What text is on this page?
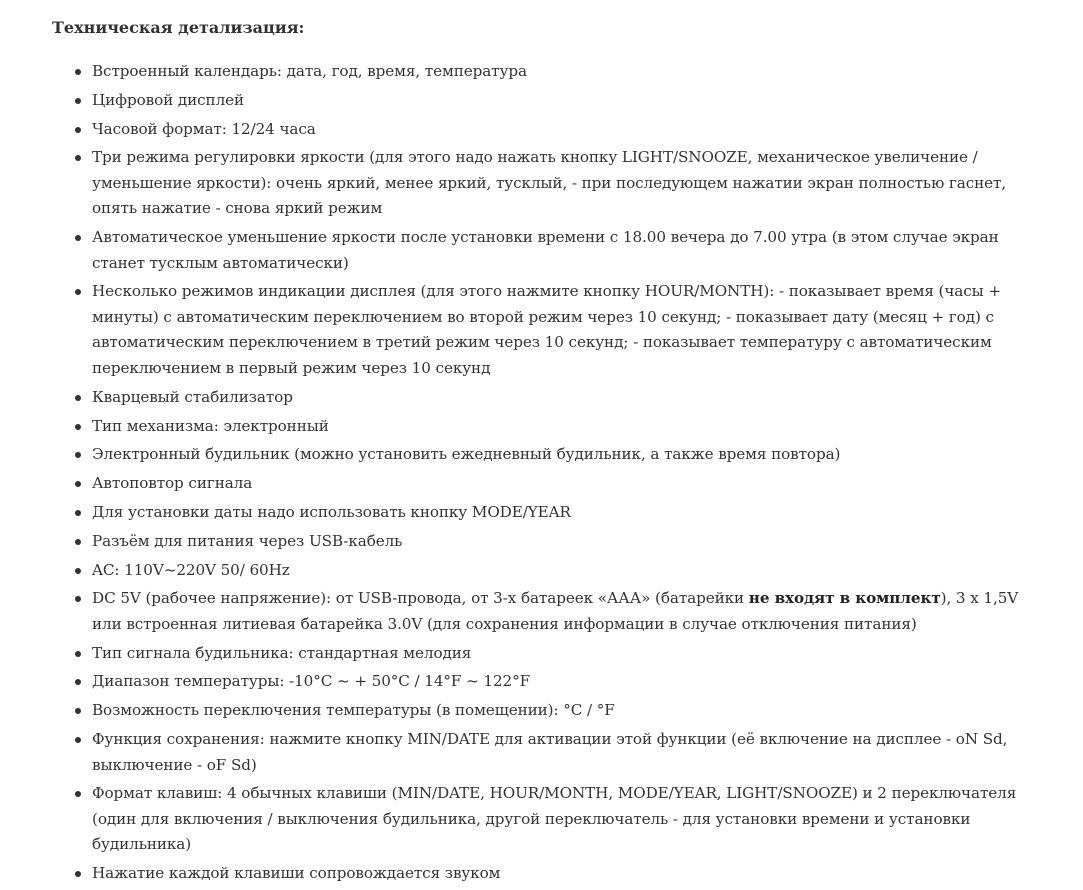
Техническая детализация:
Встроенный календарь: дата, год, время, температура
Цифровой дисплей
Часовой формат: 12/24 часа
Три режима регулировки яркости (для этого надо нажать кнопку LIGHT/SNOOZE, механическое увеличение / уменьшение яркости): очень яркий, менее яркий, тусклый, - при последующем нажатии экран полностью гаснет, опять нажатие - снова яркий режим
Автоматическое уменьшение яркости после установки времени с 18.00 вечера до 7.00 утра (в этом случае экран станет тусклым автоматически)
Несколько режимов индикации дисплея (для этого нажмите кнопку HOUR/MONTH): - показывает время (часы + минуты) с автоматическим переключением во второй режим через 10 секунд; - показывает дату (месяц + год) с автоматическим переключением в третий режим через 10 секунд; - показывает температуру с автоматическим переключением в первый режим через 10 секунд
Кварцевый стабилизатор
Тип механизма: электронный
Электронный будильник (можно установить ежедневный будильник, а также время повтора)
Автоповтор сигнала
Для установки даты надо использовать кнопку MODE/YEAR
Разъём для питания через USB-кабель
AC: 110V~220V 50/ 60Hz
DC 5V (рабочее напряжение): от USB-провода, от 3-х батареек «ААА» (батарейки не входят в комплект), 3 х 1,5V или встроенная литиевая батарейка 3.0V (для сохранения информации в случае отключения питания)
Тип сигнала будильника: стандартная мелодия
Диапазон температуры: -10°C ~ + 50°C / 14°F ~ 122°F
Возможность переключения температуры (в помещении): °C / °F
Функция сохранения: нажмите кнопку MIN/DATE для активации этой функции (её включение на дисплее - oN Sd, выключение - oF Sd)
Формат клавиш: 4 обычных клавиши (MIN/DATE, HOUR/MONTH, MODE/YEAR, LIGHT/SNOOZE) и 2 переключателя (один для включения / выключения будильника, другой переключатель - для установки времени и установки будильника)
Нажатие каждой клавиши сопровождается звуком
